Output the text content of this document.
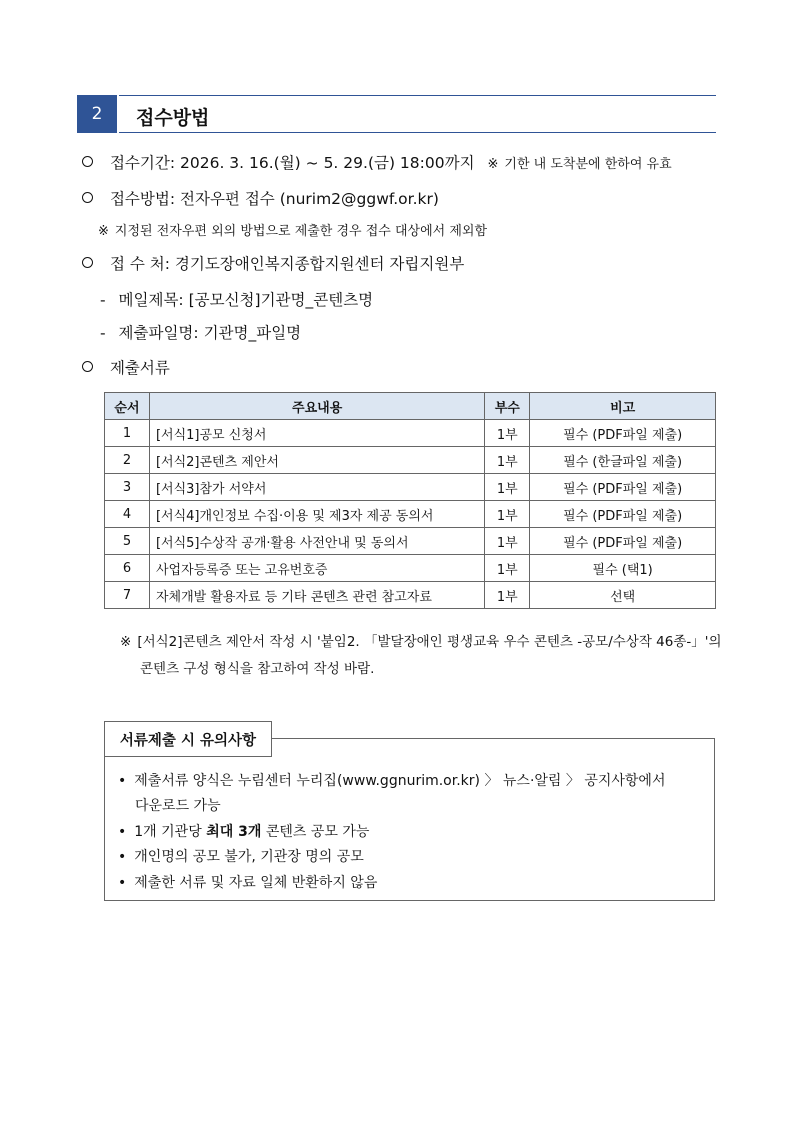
2	접수방법
접수기간: 2026. 3. 16.(월) ~ 5. 29.(금) 18:00까지 ※ 기한 내 도착분에 한하여 유효
접수방법: 전자우편 접수 (nurim2@ggwf.or.kr)
※ 지정된 전자우편 외의 방법으로 제출한 경우 접수 대상에서 제외함
접 수 처: 경기도장애인복지종합지원센터 자립지원부
- 메일제목: [공모신청]기관명_콘텐츠명
- 제출파일명: 기관명_파일명
제출서류
순서	주요내용	부수	비고
1	[서식1]공모 신청서	1부	필수 (PDF파일 제출)
2	[서식2]콘텐츠 제안서	1부	필수 (한글파일 제출)
3	[서식3]참가 서약서	1부	필수 (PDF파일 제출)
4	[서식4]개인정보 수집·이용 및 제3자 제공 동의서	1부	필수 (PDF파일 제출)
5	[서식5]수상작 공개·활용 사전안내 및 동의서	1부	필수 (PDF파일 제출)
6	사업자등록증 또는 고유번호증	1부	필수 (택1)
7	자체개발 활용자료 등 기타 콘텐츠 관련 참고자료	1부	선택
※ [서식2]콘텐츠 제안서 작성 시 '붙임2. 「발달장애인 평생교육 우수 콘텐츠 -공모/수상작 46종-」'의
콘텐츠 구성 형식을 참고하여 작성 바람.
서류제출 시 유의사항
• 제출서류 양식은 누림센터 누리집(www.ggnurim.or.kr) 〉 뉴스·알림 〉 공지사항에서
다운로드 가능
• 1개 기관당 최대 3개 콘텐츠 공모 가능
• 개인명의 공모 불가, 기관장 명의 공모
• 제출한 서류 및 자료 일체 반환하지 않음
